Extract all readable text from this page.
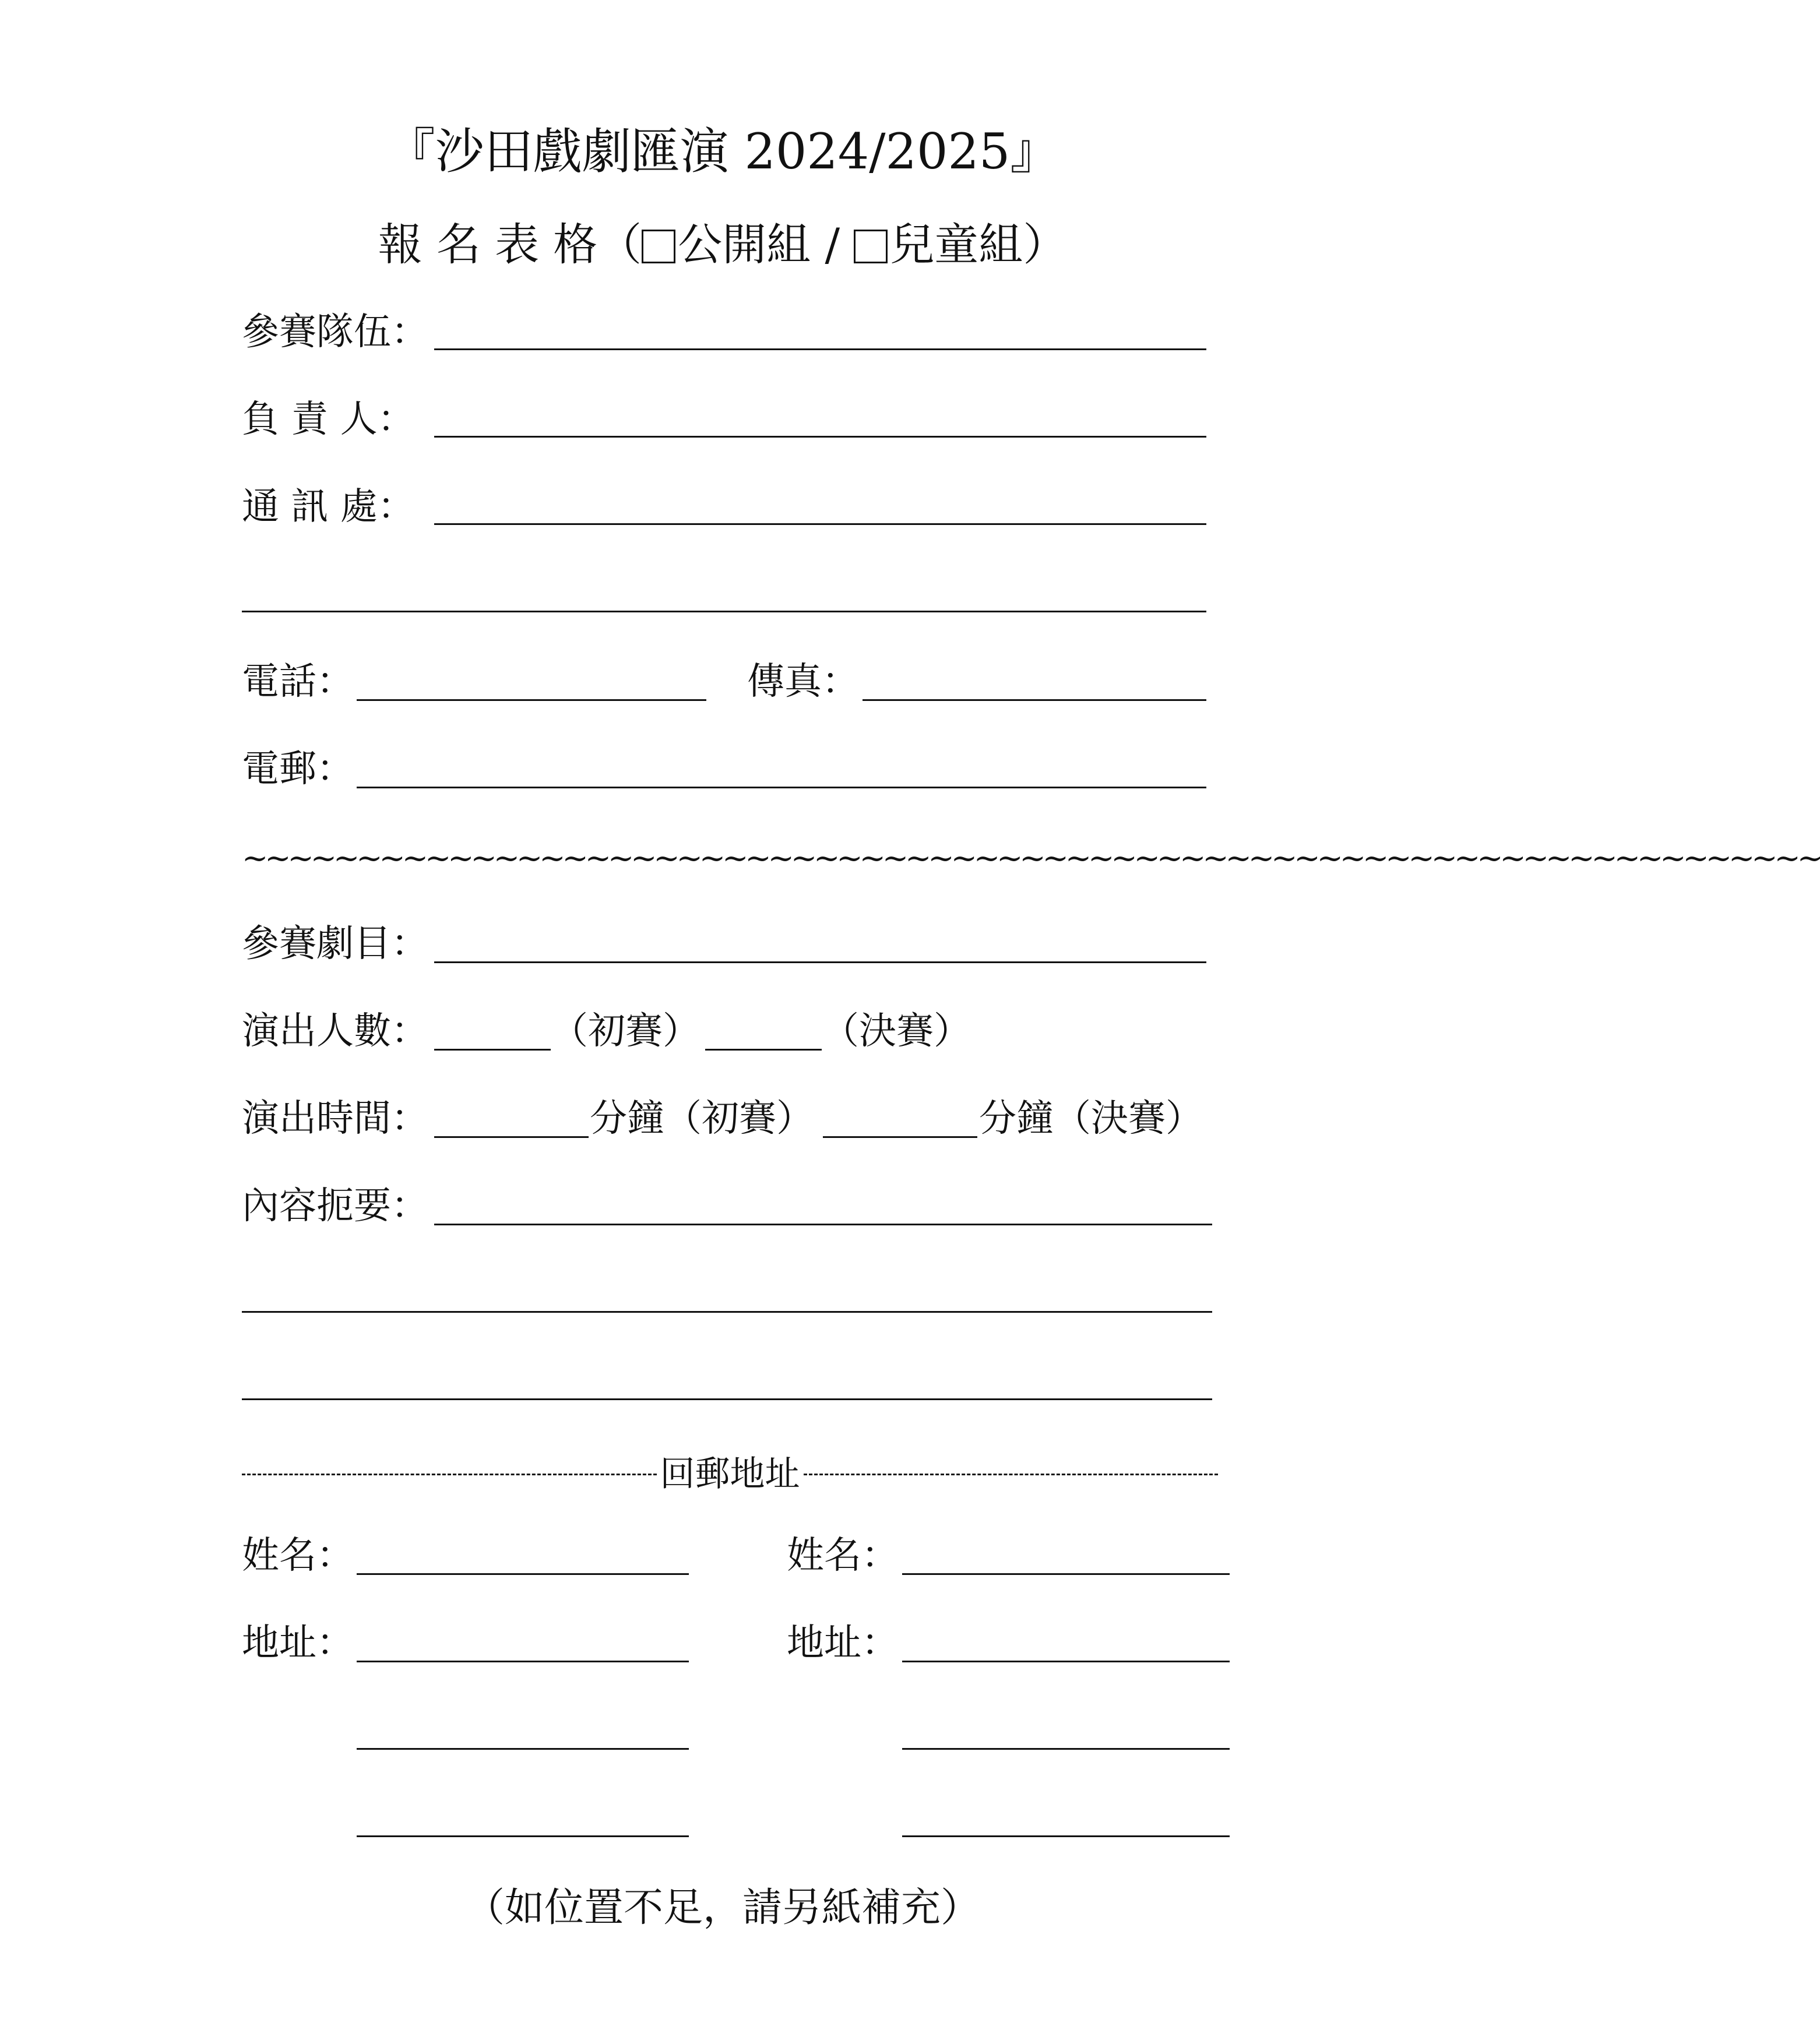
『沙田戲劇匯演 2024/2025』
報 名 表 格（ 公開組 / 兒童組）
參賽隊伍：
負 責 人：
通 訊 處：
電話：	傳真：
電郵：
~~~~~~~~~~~~~~~~~~~~~~~~~~~~~~~~~~~~~~~~~~~~~~~~~~~~~~~~~~~~~~~~~~~~~
參賽劇目：
演出人數：	（初賽）	（決賽）
演出時間：	分鐘（初賽）	分鐘（決賽）
內容扼要：
回郵地址
姓名：
地址：
姓名：
地址：
（如位置不足，請另紙補充）
